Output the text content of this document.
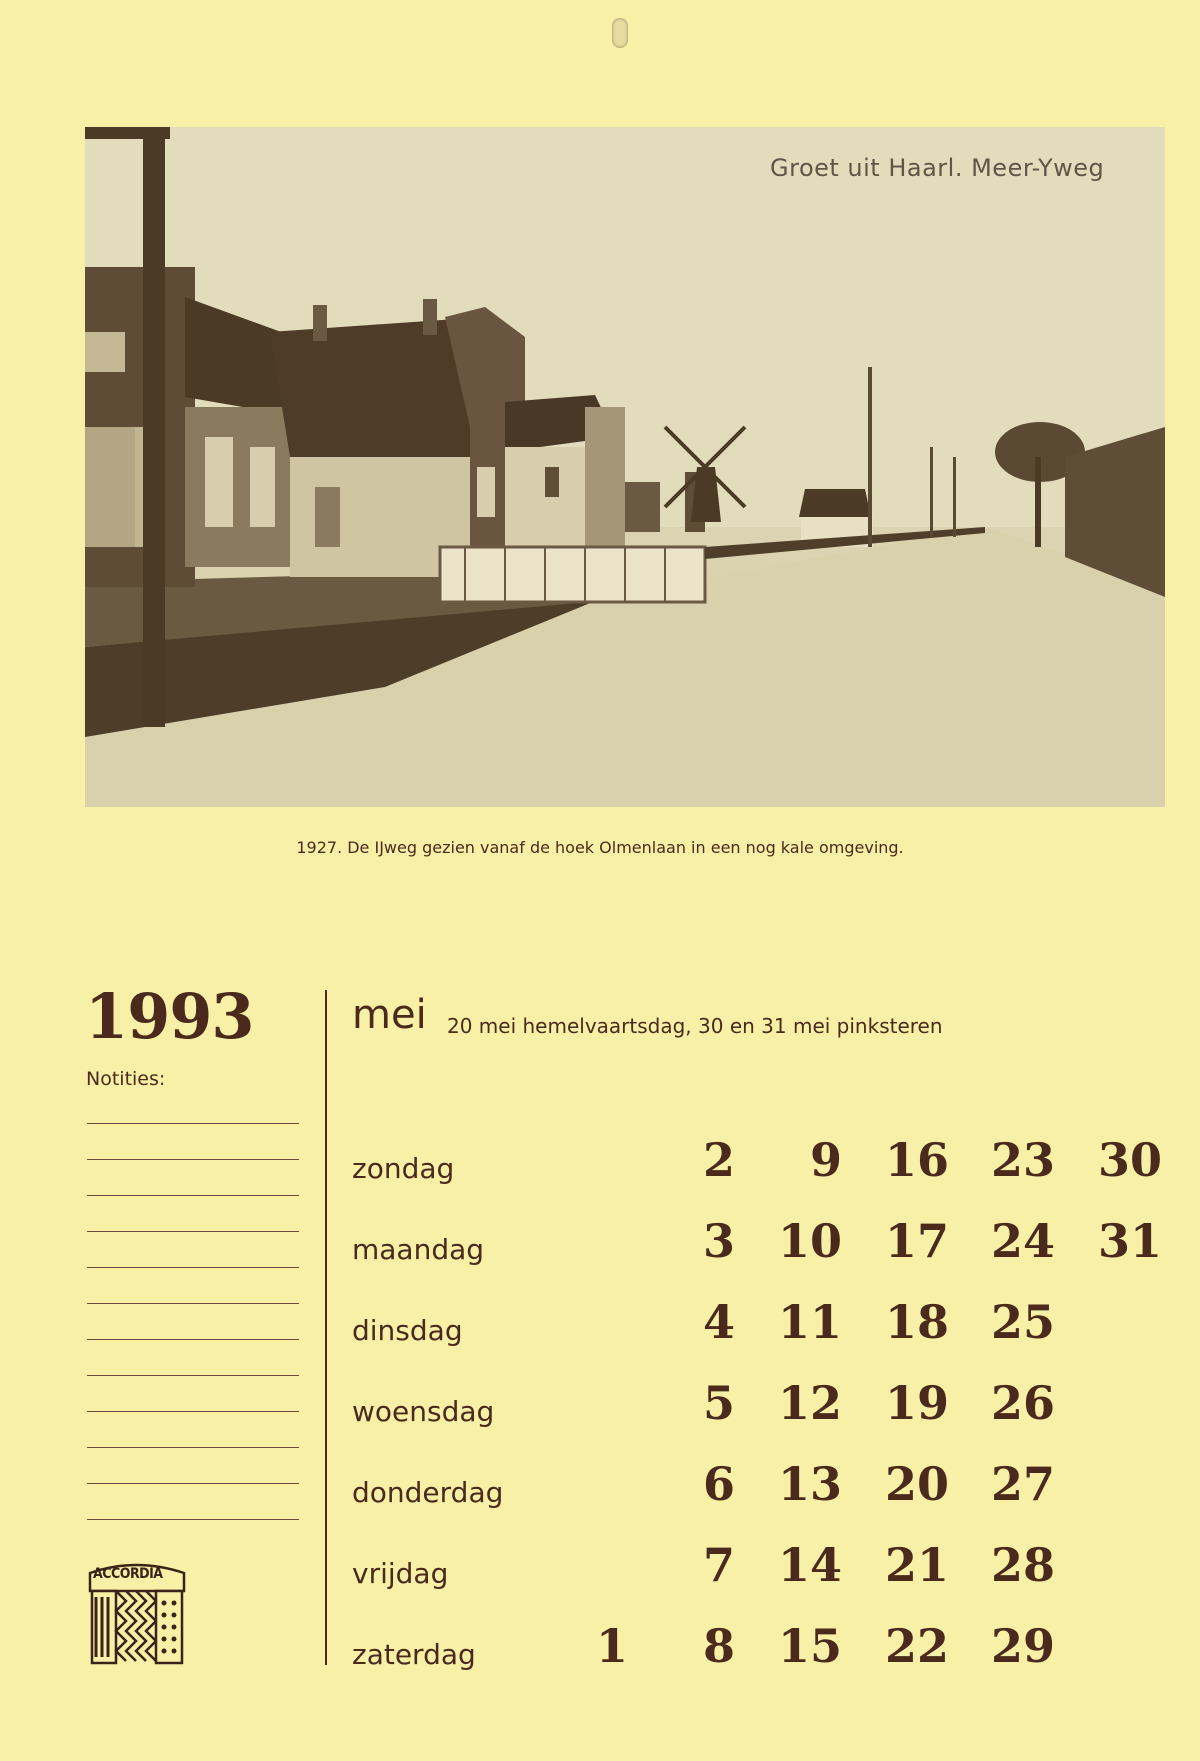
Groet uit Haarl. Meer-Yweg
1927. De IJweg gezien vanaf de hoek Olmenlaan in een nog kale omgeving.
1993
Notities:
ACCORDIA
mei 20 mei hemelvaartsdag, 30 en 31 mei pinksteren
zondag
maandag
dinsdag
woensdag
donderdag
vrijdag
zaterdag
2	9 16 23 30
3 10 17 24 31
4 11 18 25
5 12 19 26
6 13 20 27
7 14 21 28
1	8 15 22 29
